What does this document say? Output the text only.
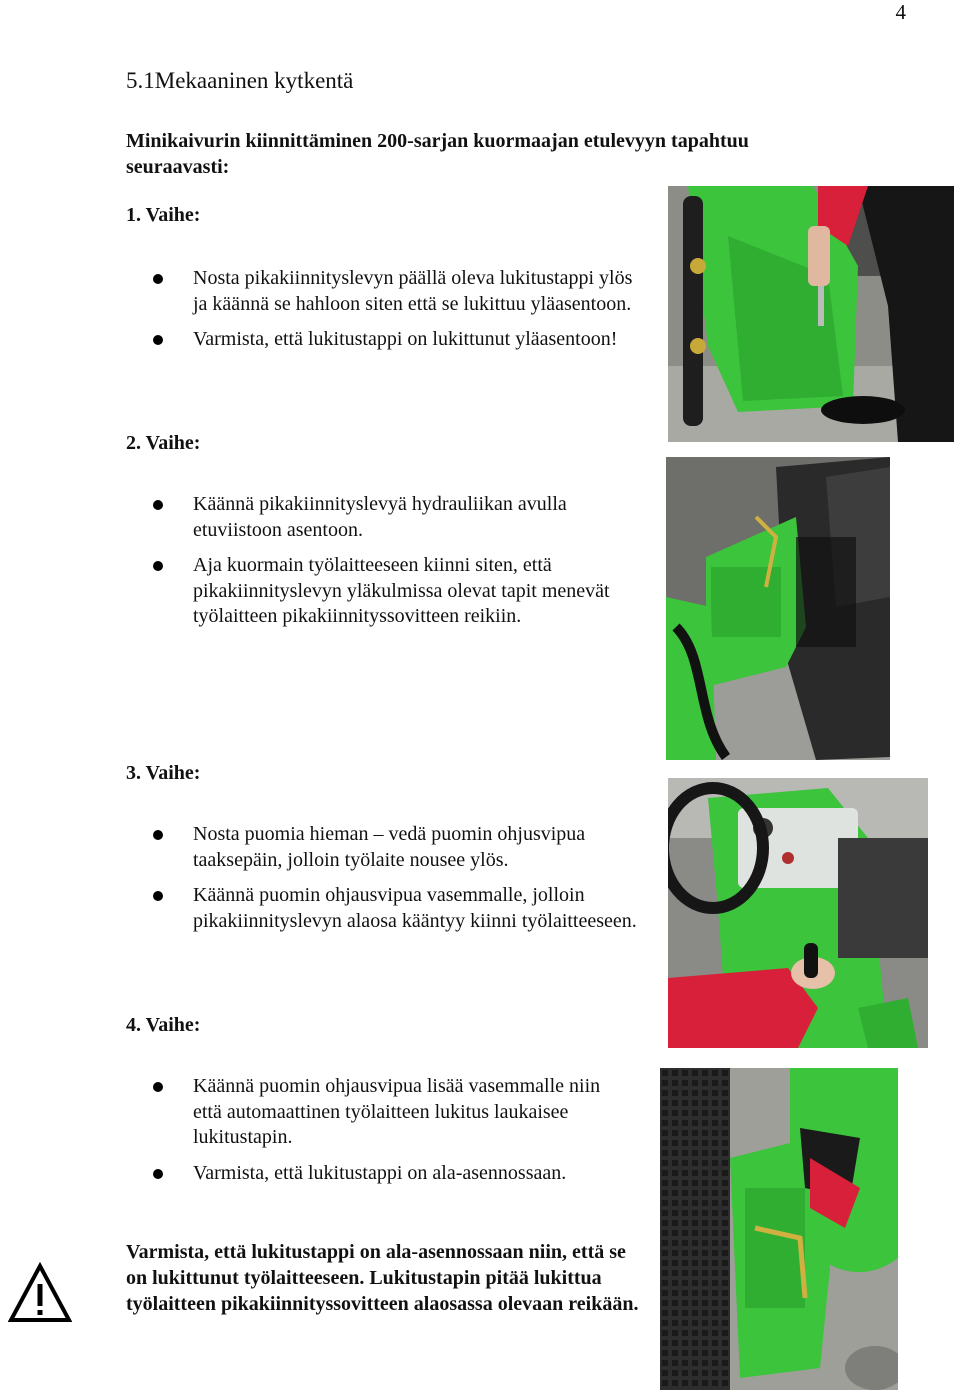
4
5.1Mekaaninen kytkentä
Minikaivurin kiinnittäminen 200-sarjan kuormaajan etulevyyn tapahtuu seuraavasti:
1. Vaihe:
Nosta pikakiinnityslevyn päällä oleva lukitustappi ylös ja käännä se hahloon siten että se lukittuu yläasentoon.
Varmista, että lukitustappi on lukittunut yläasentoon!
2. Vaihe:
Käännä pikakiinnityslevyä hydrauliikan avulla etuviistoon asentoon.
Aja kuormain työlaitteeseen kiinni siten, että pikakiinnityslevyn yläkulmissa olevat tapit menevät työlaitteen pikakiinnityssovitteen reikiin.
3. Vaihe:
Nosta puomia hieman – vedä puomin ohjusvipua taaksepäin, jolloin työlaite nousee ylös.
Käännä puomin ohjausvipua vasemmalle, jolloin pikakiinnityslevyn alaosa kääntyy kiinni työlaitteeseen.
4. Vaihe:
Käännä puomin ohjausvipua lisää vasemmalle niin että automaattinen työlaitteen lukitus laukaisee lukitustapin.
Varmista, että lukitustappi on ala-asennossaan.
Varmista, että lukitustappi on ala-asennossaan niin, että se on lukittunut työlaitteeseen. Lukitustapin pitää lukittua työlaitteen pikakiinnityssovitteen alaosassa olevaan reikään.
